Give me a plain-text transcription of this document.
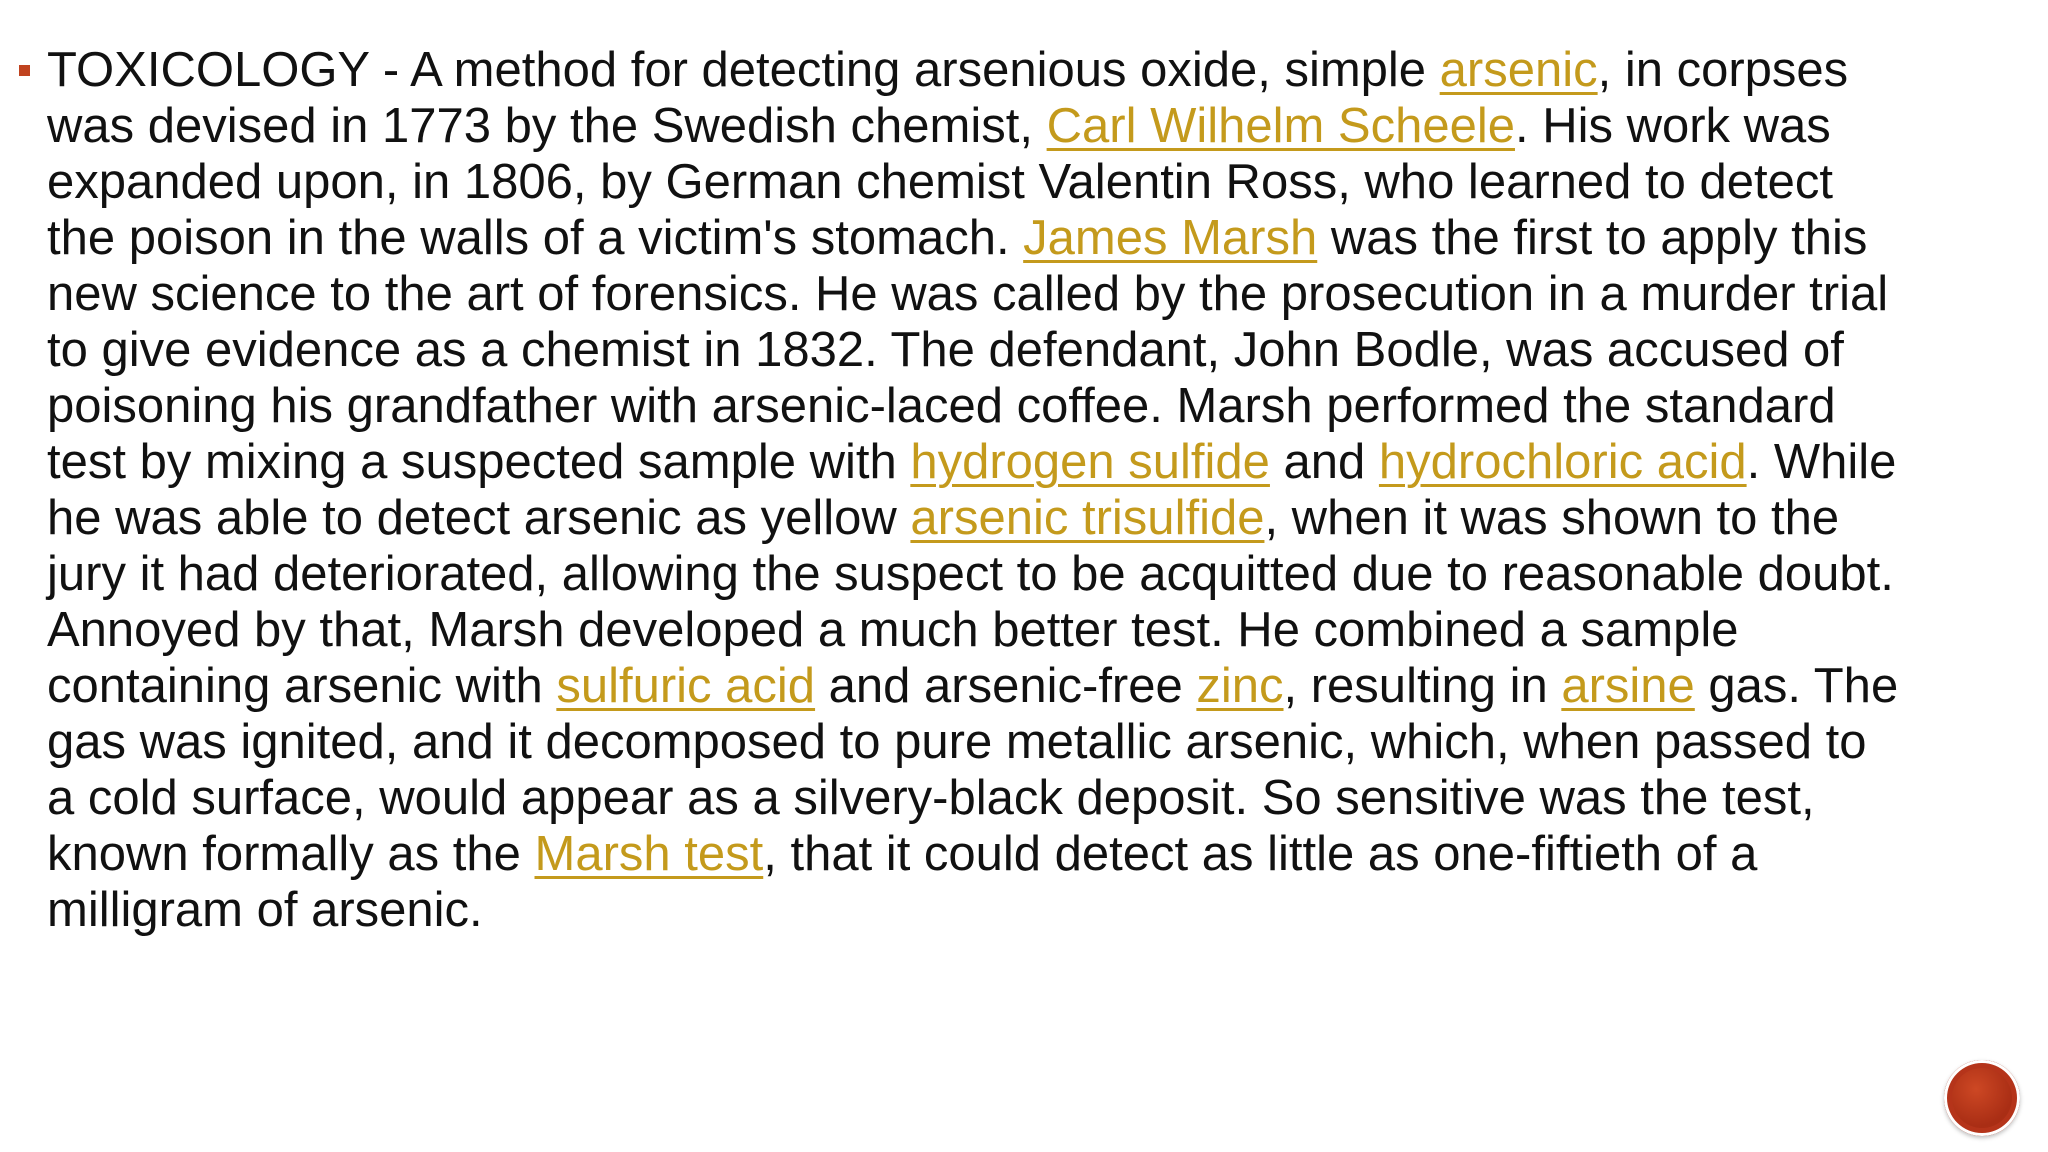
TOXICOLOGY - A method for detecting arsenious oxide, simple arsenic, in corpses
was devised in 1773 by the Swedish chemist, Carl Wilhelm Scheele. His work was
expanded upon, in 1806, by German chemist Valentin Ross, who learned to detect
the poison in the walls of a victim's stomach. James Marsh was the first to apply this
new science to the art of forensics. He was called by the prosecution in a murder trial
to give evidence as a chemist in 1832. The defendant, John Bodle, was accused of
poisoning his grandfather with arsenic-laced coffee. Marsh performed the standard
test by mixing a suspected sample with hydrogen sulfide and hydrochloric acid. While
he was able to detect arsenic as yellow arsenic trisulfide, when it was shown to the
jury it had deteriorated, allowing the suspect to be acquitted due to reasonable doubt.
Annoyed by that, Marsh developed a much better test. He combined a sample
containing arsenic with sulfuric acid and arsenic-free zinc, resulting in arsine gas. The
gas was ignited, and it decomposed to pure metallic arsenic, which, when passed to
a cold surface, would appear as a silvery-black deposit. So sensitive was the test,
known formally as the Marsh test, that it could detect as little as one-fiftieth of a
milligram of arsenic.
